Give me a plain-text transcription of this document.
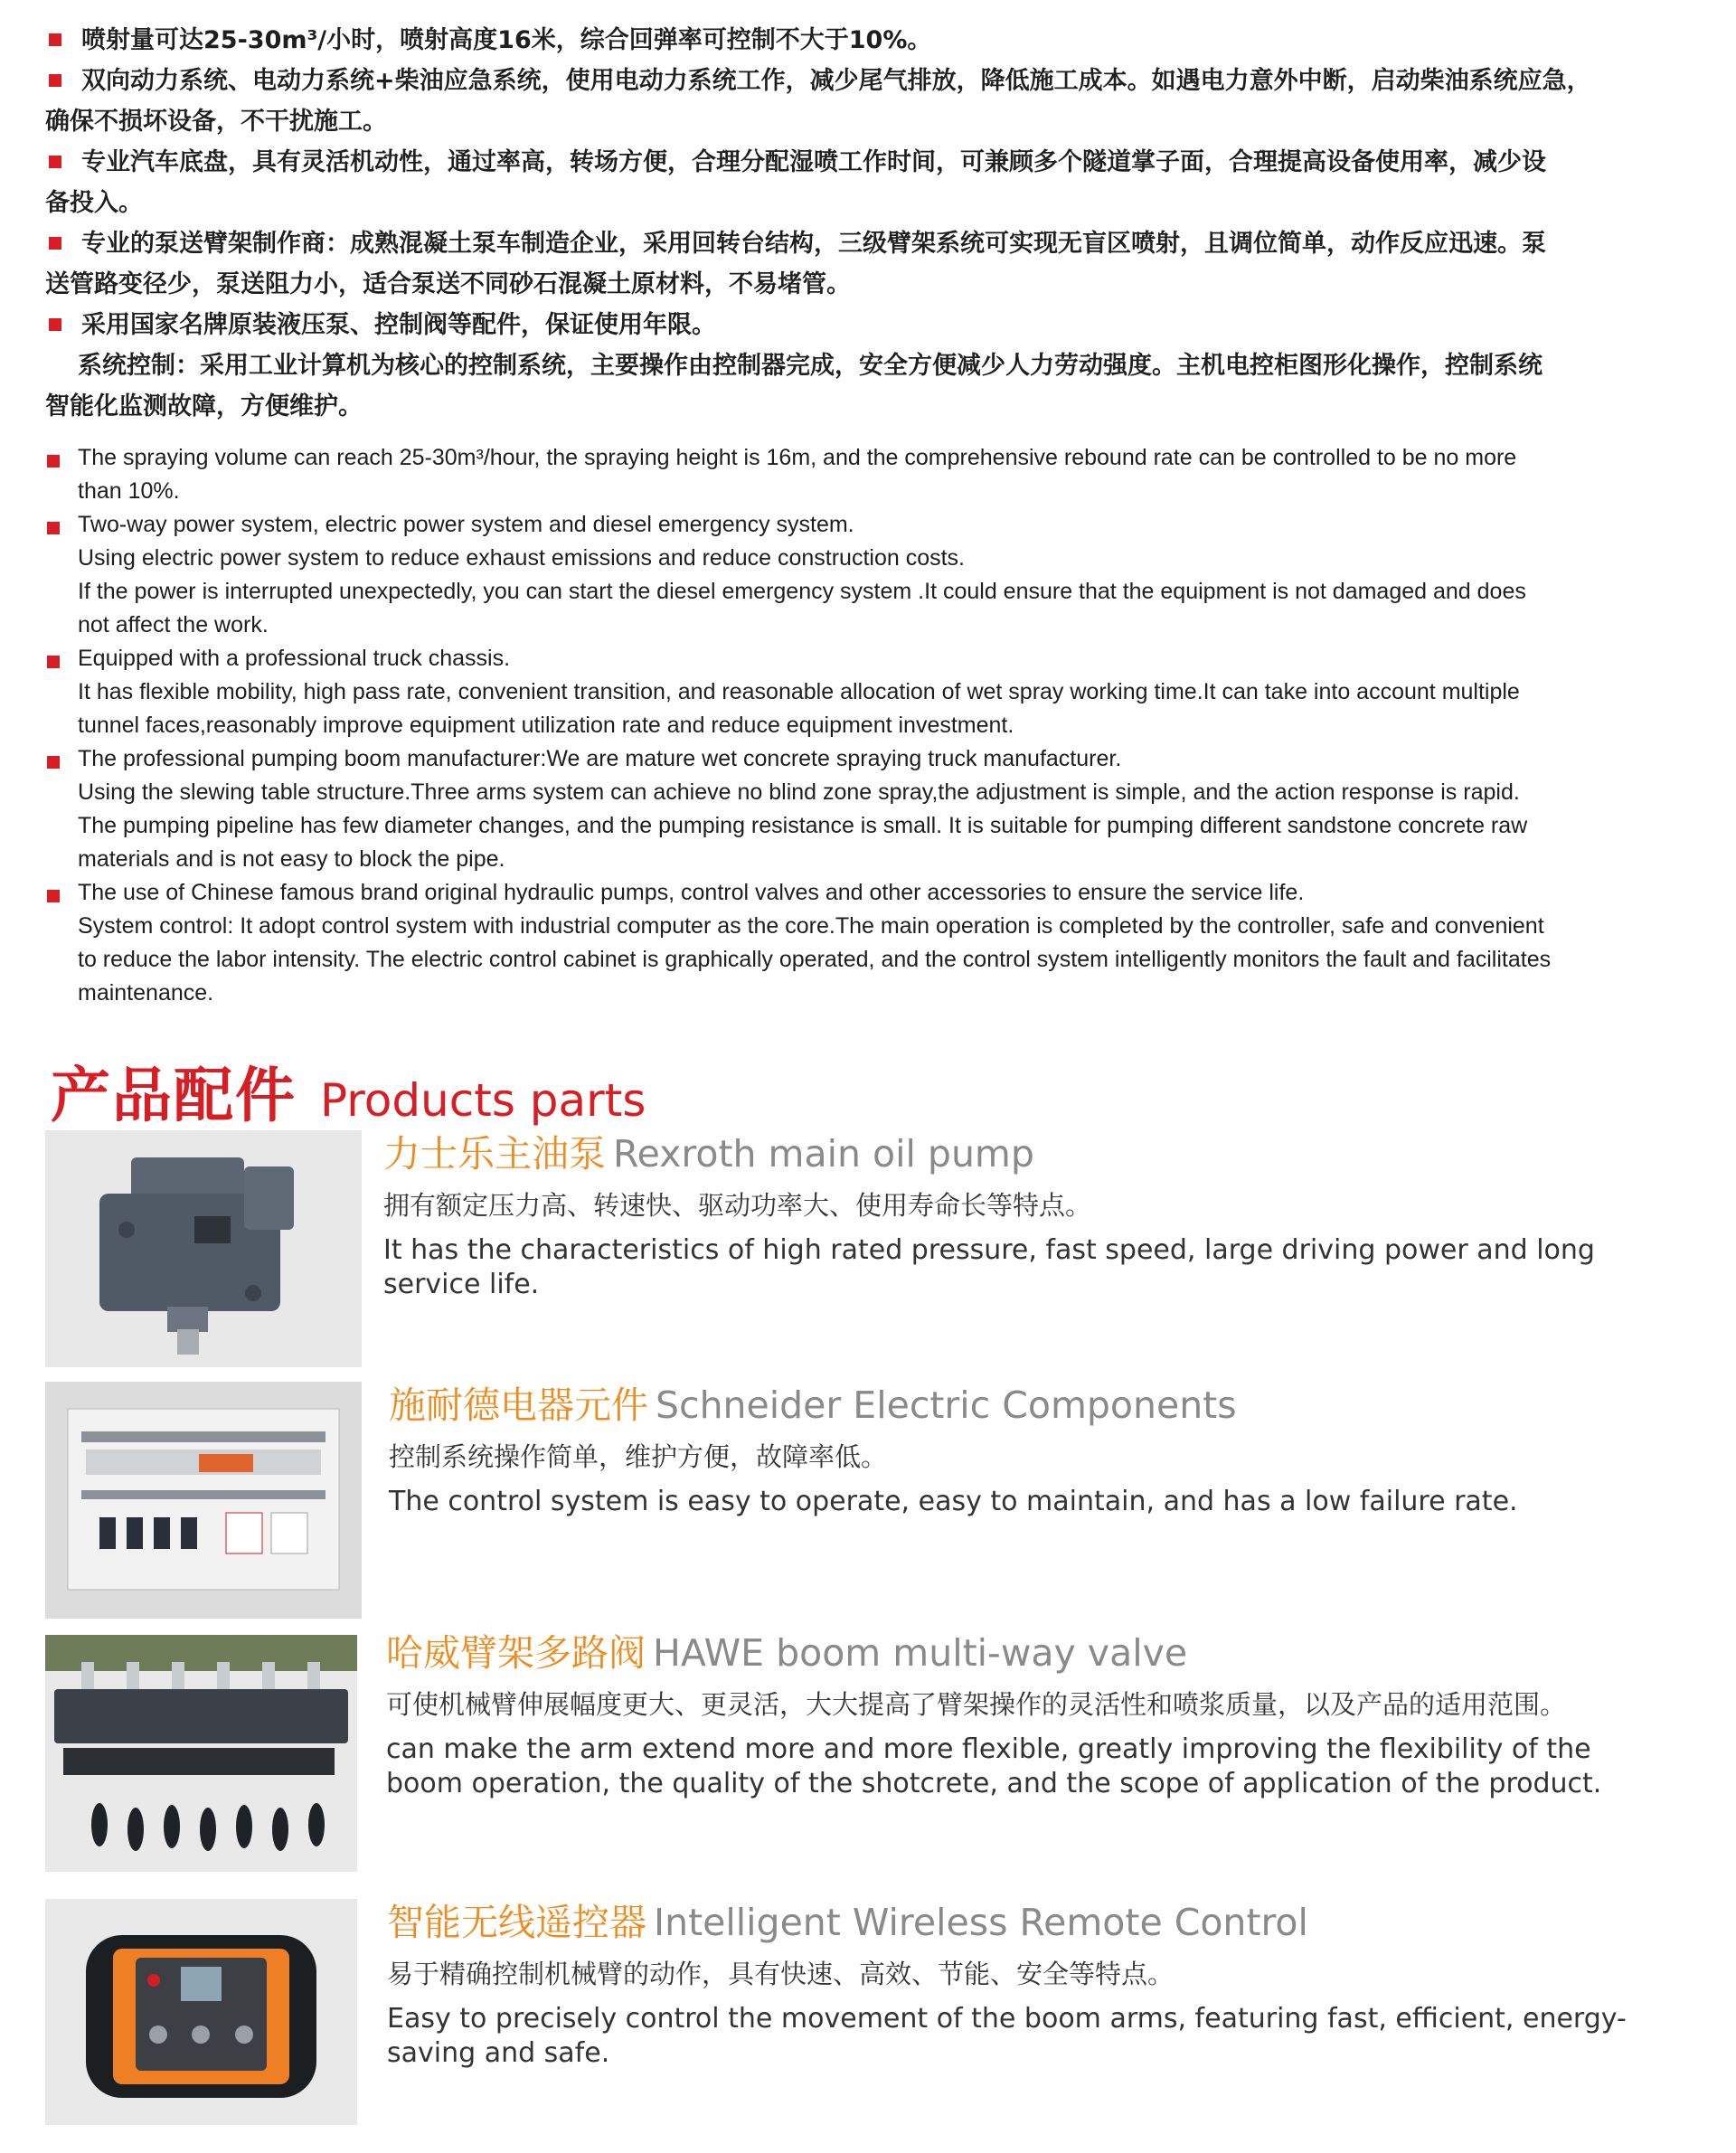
喷射量可达25-30m³/小时，喷射高度16米，综合回弹率可控制不大于10%。

双向动力系统、电动力系统+柴油应急系统，使用电动力系统工作，减少尾气排放，降低施工成本。如遇电力意外中断，启动柴油系统应急，

确保不损坏设备，不干扰施工。

专业汽车底盘，具有灵活机动性，通过率高，转场方便，合理分配湿喷工作时间，可兼顾多个隧道掌子面，合理提高设备使用率，减少设

备投入。

专业的泵送臂架制作商：成熟混凝土泵车制造企业，采用回转台结构，三级臂架系统可实现无盲区喷射，且调位简单，动作反应迅速。泵

送管路变径少，泵送阻力小，适合泵送不同砂石混凝土原材料，不易堵管。

采用国家名牌原装液压泵、控制阀等配件，保证使用年限。

系统控制：采用工业计算机为核心的控制系统，主要操作由控制器完成，安全方便减少人力劳动强度。主机电控柜图形化操作，控制系统

智能化监测故障，方便维护。

The spraying volume can reach 25-30m³/hour, the spraying height is 16m, and the comprehensive rebound rate can be controlled to be no more

than 10%.

Two-way power system, electric power system and diesel emergency system.

Using electric power system to reduce exhaust emissions and reduce construction costs.

If the power is interrupted unexpectedly, you can start the diesel emergency system .It could ensure that the equipment is not damaged and does

not affect the work.

Equipped with a professional truck chassis.

It has flexible mobility, high pass rate, convenient transition, and reasonable allocation of wet spray working time.It can take into account multiple

tunnel faces,reasonably improve equipment utilization rate and reduce equipment investment.

The professional pumping boom manufacturer:We are mature wet concrete spraying truck manufacturer.

Using the slewing table structure.Three arms system can achieve no blind zone spray,the adjustment is simple, and the action response is rapid.

The pumping pipeline has few diameter changes, and the pumping resistance is small. It is suitable for pumping different sandstone concrete raw

materials and is not easy to block the pipe.

The use of Chinese famous brand original hydraulic pumps, control valves and other accessories to ensure the service life.

System control: It adopt control system with industrial computer as the core.The main operation is completed by the controller, safe and convenient

to reduce the labor intensity. The electric control cabinet is graphically operated, and the control system intelligently monitors the fault and facilitates

maintenance.

产品配件 Products parts
力士乐主油泵 Rexroth main oil pump
拥有额定压力高、转速快、驱动功率大、使用寿命长等特点。
It has the characteristics of high rated pressure, fast speed, large driving power and long service life.
施耐德电器元件 Schneider Electric Components
控制系统操作简单，维护方便，故障率低。
The control system is easy to operate, easy to maintain, and has a low failure rate.
哈威臂架多路阀 HAWE boom multi-way valve
可使机械臂伸展幅度更大、更灵活，大大提高了臂架操作的灵活性和喷浆质量，以及产品的适用范围。
can make the arm extend more and more flexible, greatly improving the flexibility of the boom operation, the quality of the shotcrete, and the scope of application of the product.
智能无线遥控器 Intelligent Wireless Remote Control
易于精确控制机械臂的动作，具有快速、高效、节能、安全等特点。
Easy to precisely control the movement of the boom arms, featuring fast, efficient, energy-saving and safe.
